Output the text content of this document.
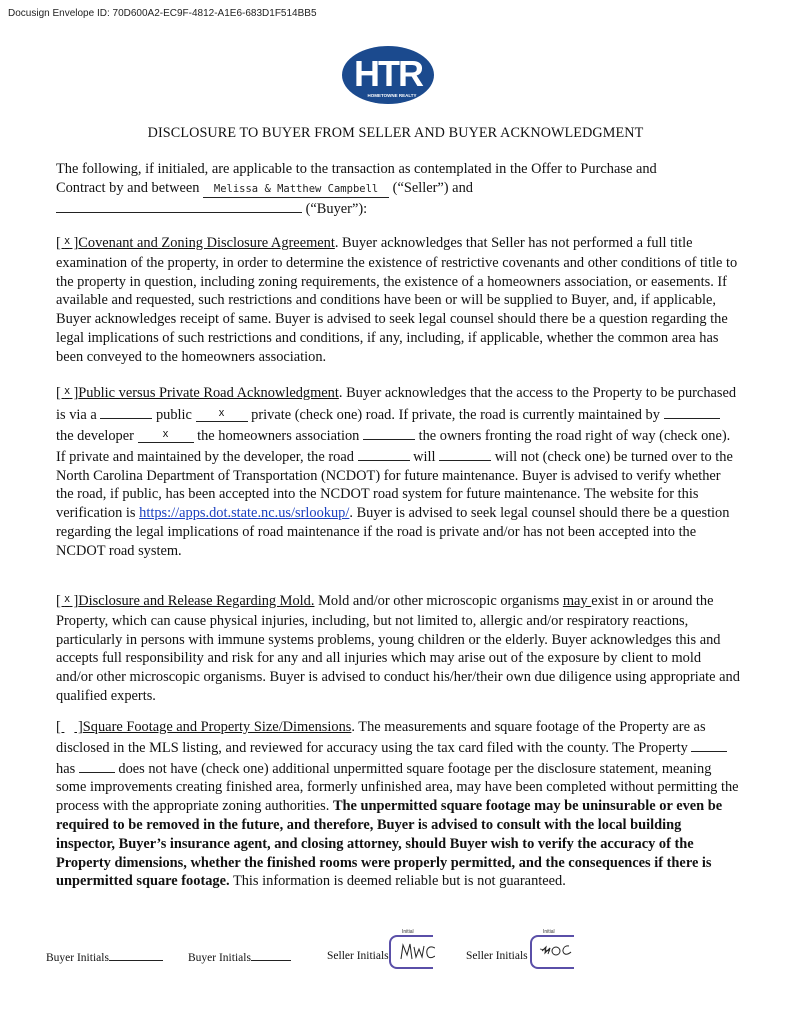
Docusign Envelope ID: 70D600A2-EC9F-4812-A1E6-683D1F514BB5
HTR
HOMETOWNE REALTY
DISCLOSURE TO BUYER FROM SELLER AND BUYER ACKNOWLEDGMENT

The following, if initialed, are applicable to the transaction as contemplated in the Offer to Purchase and
Contract by and between Melissa & Matthew Campbell (“Seller”) and
(“Buyer”):

[ $^x$ ]Covenant and Zoning Disclosure Agreement. Buyer acknowledges that Seller has not performed a full title examination of the property, in order to determine the existence of restrictive covenants and other conditions of title to the property in question, including zoning requirements, the existence of a homeowners association, or easements. If available and requested, such restrictions and conditions have been or will be supplied to Buyer, and, if applicable, Buyer acknowledges receipt of same. Buyer is advised to seek legal counsel should there be a question regarding the legal implications of such restrictions and conditions, if any, including, if applicable, whether the common area has been conveyed to the homeowners association.

[ $^x$ ]Public versus Private Road Acknowledgment. Buyer acknowledges that the access to the Property to be purchased is via a	public x private (check one) road. If private, the road is currently maintained by  the developer x the homeowners association	the owners fronting the road right of way (check one). If private and maintained by the developer, the road	will	will not (check one) be turned over to the North Carolina Department of Transportation (NCDOT) for future maintenance. Buyer is advised to verify whether the road, if public, has been accepted into the NCDOT road system for future maintenance. The website for this verification is https://apps.dot.state.nc.us/srlookup/. Buyer is advised to seek legal counsel should there be a question regarding the legal implications of road maintenance if the road is private and/or has not been accepted into the NCDOT road system.

[ $^x$ ]Disclosure and Release Regarding Mold. Mold and/or other microscopic organisms may exist in or around the Property, which can cause physical injuries, including, but not limited to, allergic and/or respiratory reactions, particularly in persons with immune systems problems, young children or the elderly. Buyer acknowledges this and accepts full responsibility and risk for any and all injuries which may arise out of the exposure by client to mold and/or other microscopic organisms. Buyer is advised to conduct his/her/their own due diligence using appropriate and qualified experts.

[  ]Square Footage and Property Size/Dimensions. The measurements and square footage of the Property are as disclosed in the MLS listing, and reviewed for accuracy using the tax card filed with the county. The Property  has	does not have (check one) additional unpermitted square footage per the disclosure statement, meaning some improvements creating finished area, formerly unfinished area, may have been completed without permitting the process with the appropriate zoning authorities. The unpermitted square footage may be uninsurable or even be required to be removed in the future, and therefore, Buyer is advised to consult with the local building inspector, Buyer’s insurance agent, and closing attorney, should Buyer wish to verify the accuracy of the Property dimensions, whether the finished rooms were properly permitted, and the consequences if there is unpermitted square footage. This information is deemed reliable but is not guaranteed.

Buyer Initials	Buyer Initials	Seller Initials	Seller Initials
Initial	Initial
